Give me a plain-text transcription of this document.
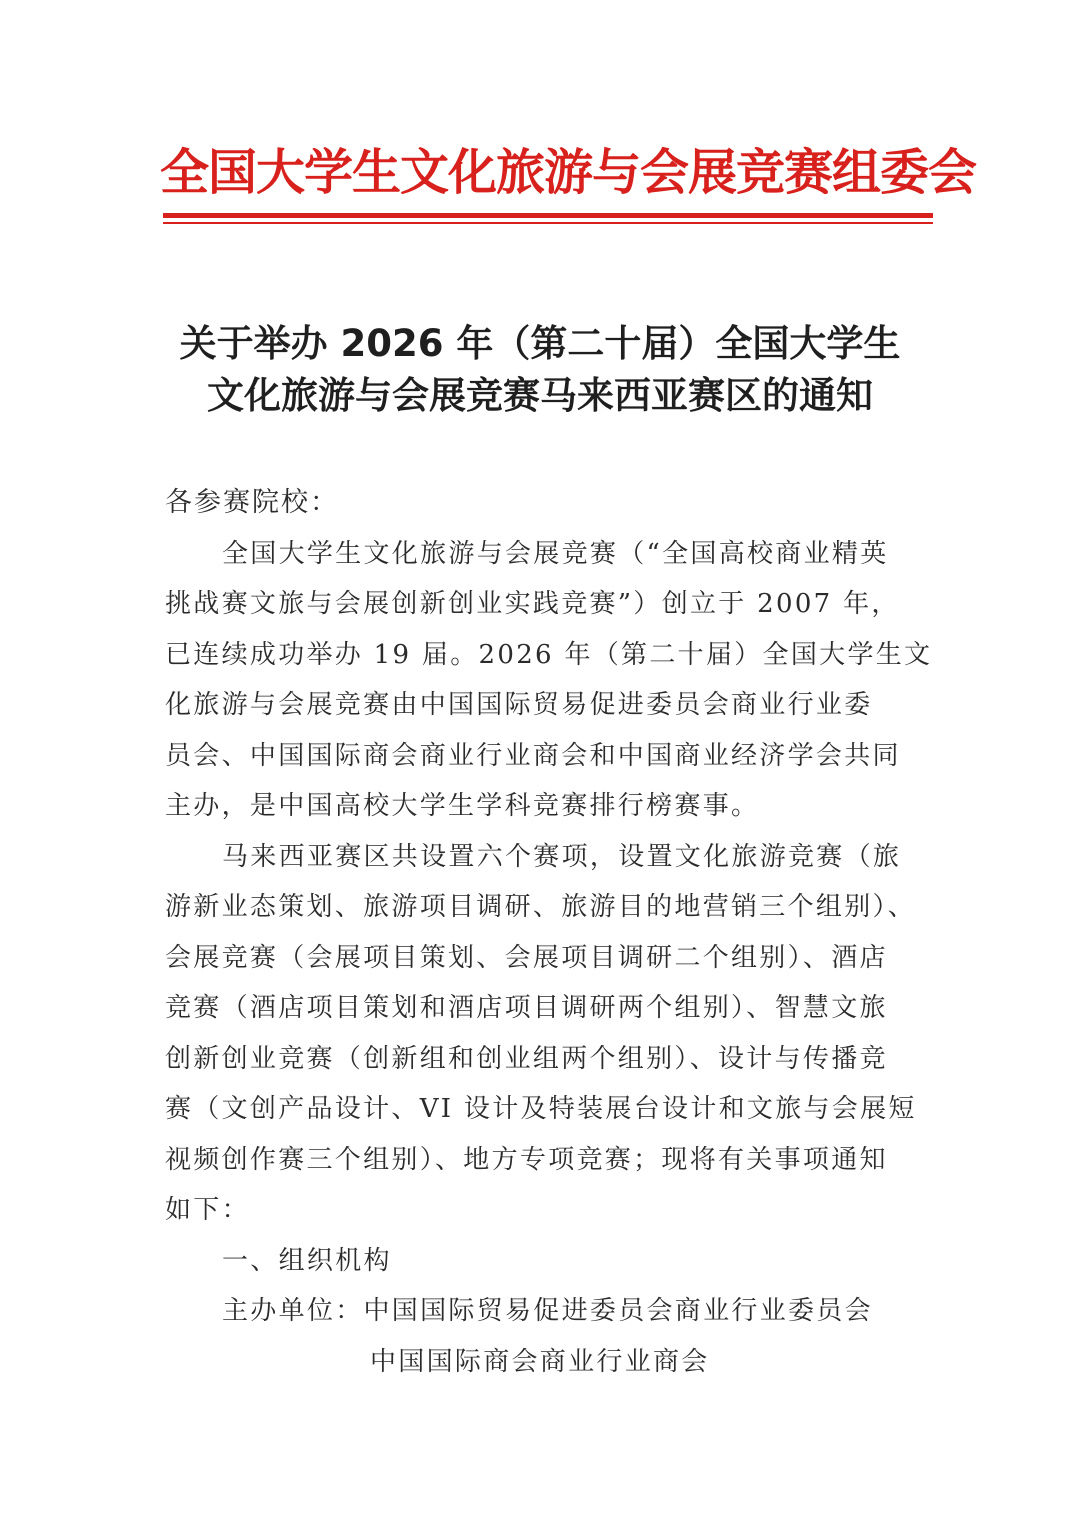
全国大学生文化旅游与会展竞赛组委会
关于举办 2026 年（第二十届）全国大学生
文化旅游与会展竞赛马来西亚赛区的通知
各参赛院校：
全国大学生文化旅游与会展竞赛（“全国高校商业精英
挑战赛文旅与会展创新创业实践竞赛”）创立于 2007 年，
已连续成功举办 19 届。2026 年（第二十届）全国大学生文
化旅游与会展竞赛由中国国际贸易促进委员会商业行业委
员会、中国国际商会商业行业商会和中国商业经济学会共同
主办，是中国高校大学生学科竞赛排行榜赛事。
马来西亚赛区共设置六个赛项，设置文化旅游竞赛（旅
游新业态策划、旅游项目调研、旅游目的地营销三个组别）、
会展竞赛（会展项目策划、会展项目调研二个组别）、酒店
竞赛（酒店项目策划和酒店项目调研两个组别）、智慧文旅
创新创业竞赛（创新组和创业组两个组别）、设计与传播竞
赛（文创产品设计、VI 设计及特装展台设计和文旅与会展短
视频创作赛三个组别）、地方专项竞赛；现将有关事项通知
如下：
一、组织机构
主办单位：中国国际贸易促进委员会商业行业委员会
中国国际商会商业行业商会
